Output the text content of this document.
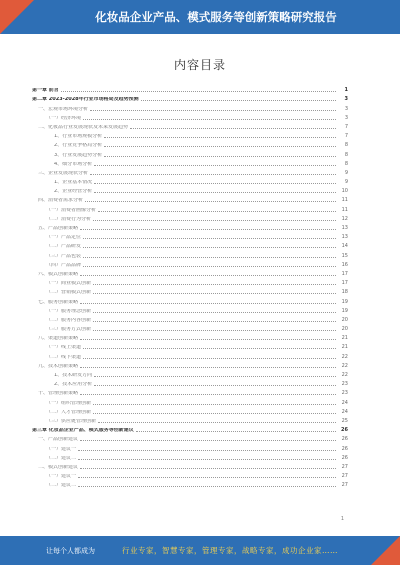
化妆品企业产品、模式服务等创新策略研究报告
内容目录
第一章 前言	1
第二章 2023-2028年行业市场格局及趋势预测	3
一、宏观市场环境分析	3
（一）经济环境	3
二、化妆品行业发展现状及未来发展趋势	7
1、行业市场规模分析	7
2、行业竞争格局分析	8
3、行业发展趋势分析	8
4、细分市场分析	8
三、企业发展现状分析	9
1、企业基本情况	9
2、企业经营分析	10
四、消费者需求分析	11
（一）消费者画像分析	11
（二）消费行为分析	12
五、产品创新策略	13
（一）产品定位	13
（二）产品研发	14
（三）产品包装	15
（四）产品品牌	16
六、模式创新策略	17
（一）商业模式创新	17
（二）营销模式创新	18
七、服务创新策略	19
（一）服务理念创新	19
（二）服务内容创新	20
（三）服务方式创新	20
八、渠道创新策略	21
（一）线上渠道	21
（二）线下渠道	22
九、技术创新策略	22
1、技术研发方向	22
2、技术应用分析	23
十、管理创新策略	23
（一）组织管理创新	24
（二）人才管理创新	24
（三）供应链管理创新	25
第三章 化妆品企业产品、模式服务等创新建议	26
一、产品创新建议	26
（一）建议一	26
（二）建议二	26
二、模式创新建议	27
（一）建议一	27
（二）建议二	27
1
让每个人都成为	行业专家，智慧专家，管理专家，战略专家，成功企业家……
